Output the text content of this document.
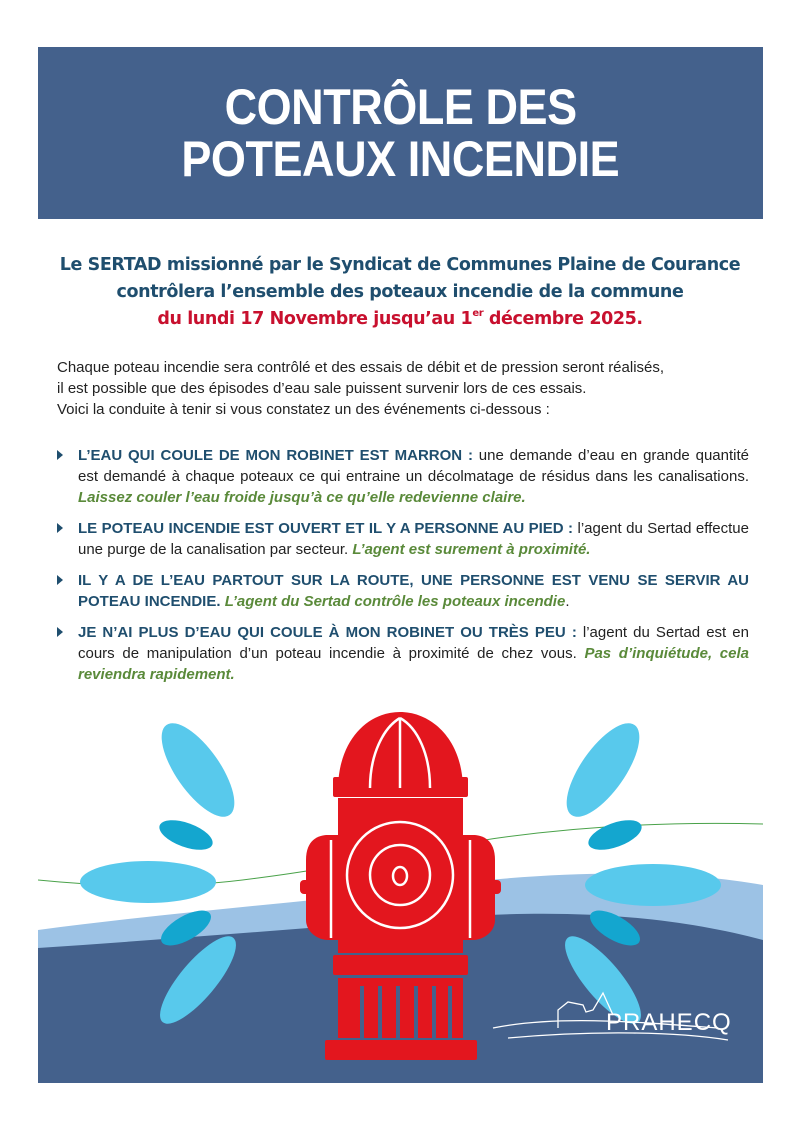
CONTRÔLE DES
POTEAUX INCENDIE
Le SERTAD missionné par le Syndicat de Communes Plaine de Courance
contrôlera l’ensemble des poteaux incendie de la commune
du lundi 17 Novembre jusqu’au 1er décembre 2025.
Chaque poteau incendie sera contrôlé et des essais de débit et de pression seront réalisés,
il est possible que des épisodes d’eau sale puissent survenir lors de ces essais.
Voici la conduite à tenir si vous constatez un des événements ci-dessous :
L’EAU QUI COULE DE MON ROBINET EST MARRON : une demande d’eau en grande quantité est demandé à chaque poteaux ce qui entraine un décolmatage de résidus dans les canalisations. Laissez couler l’eau froide jusqu’à ce qu’elle redevienne claire.
LE POTEAU INCENDIE EST OUVERT ET IL Y A PERSONNE AU PIED : l’agent du Sertad effectue une purge de la canalisation par secteur. L’agent est surement à proximité.
IL Y A DE L’EAU PARTOUT SUR LA ROUTE, UNE PERSONNE EST VENU SE SERVIR AU POTEAU INCENDIE. L’agent du Sertad contrôle les poteaux incendie.
JE N’AI PLUS D’EAU QUI COULE À MON ROBINET OU TRÈS PEU : l’agent du Sertad est en cours de manipulation d’un poteau incendie à proximité de chez vous. Pas d’inquiétude, cela reviendra rapidement.
PRAHECQ
